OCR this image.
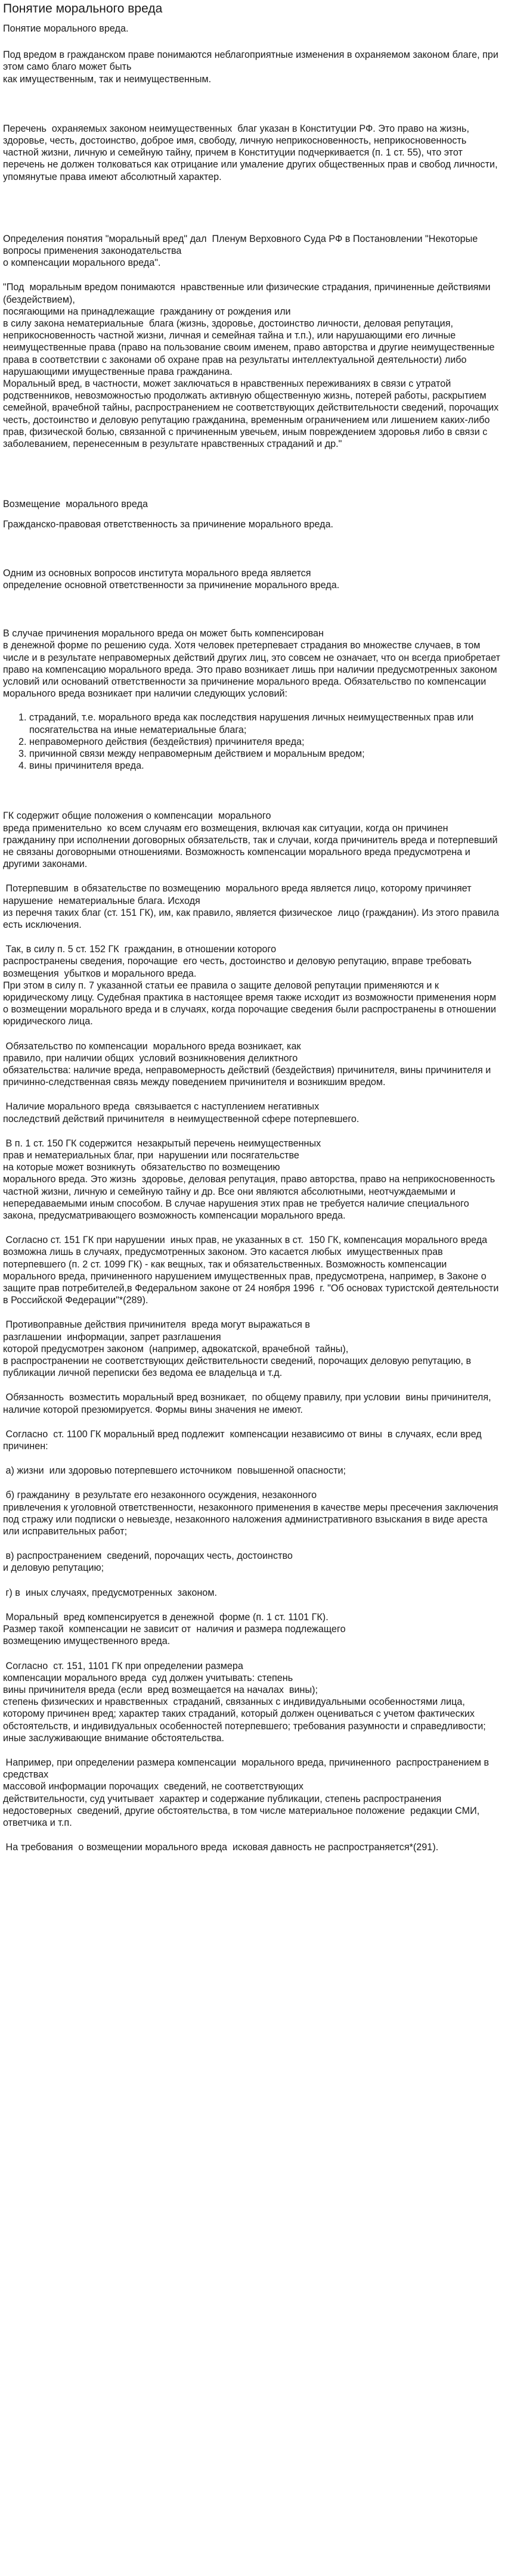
Понятие морального вреда

Понятие морального вреда.

Под вредом в гражданском праве понимаются неблагоприятные изменения в охраняемом законом благе, при этом само благо может быть
как имущественным, так и неимущественным.

Перечень  охраняемых законом неимущественных  благ указан в Конституции РФ. Это право на жизнь, здоровье, честь, достоинство, доброе имя, свободу, личную неприкосновенность, неприкосновенность частной жизни, личную и семейную тайну, причем в Конституции подчеркивается (п. 1 ст. 55), что этот перечень не должен толковаться как отрицание или умаление других общественных прав и свобод личности, упомянутые права имеют абсолютный характер.

Определения понятия "моральный вред" дал  Пленум Верховного Суда РФ в Постановлении "Некоторые вопросы применения законодательства
о компенсации морального вреда".

"Под  моральным вредом понимаются  нравственные или физические страдания, причиненные действиями (бездействием),
посягающими на принадлежащие  гражданину от рождения или
в силу закона нематериальные  блага (жизнь, здоровье, достоинство личности, деловая репутация, неприкосновенность частной жизни, личная и семейная тайна и т.п.), или нарушающими его личные неимущественные права (право на пользование своим именем, право авторства и другие неимущественные права в соответствии с законами об охране прав на результаты интеллектуальной деятельности) либо нарушающими имущественные права гражданина.
Моральный вред, в частности, может заключаться в нравственных переживаниях в связи с утратой родственников, невозможностью продолжать активную общественную жизнь, потерей работы, раскрытием семейной, врачебной тайны, распространением не соответствующих действительности сведений, порочащих честь, достоинство и деловую репутацию гражданина, временным ограничением или лишением каких-либо прав, физической болью, связанной с причиненным увечьем, иным повреждением здоровья либо в связи с заболеванием, перенесенным в результате нравственных страданий и др."

Возмещение  морального вреда

Гражданско-правовая ответственность за причинение морального вреда.

Одним из основных вопросов института морального вреда является
определение основной ответственности за причинение морального вреда.

В случае причинения морального вреда он может быть компенсирован
в денежной форме по решению суда. Хотя человек претерпевает страдания во множестве случаев, в том числе и в результате неправомерных действий других лиц, это совсем не означает, что он всегда приобретает право на компенсацию морального вреда. Это право возникает лишь при наличии предусмотренных законом условий или оснований ответственности за причинение морального вреда. Обязательство по компенсации морального вреда возникает при наличии следующих условий:

1. страданий, т.е. морального вреда как последствия нарушения личных неимущественных прав или посягательства на иные нематериальные блага;
2. неправомерного действия (бездействия) причинителя вреда;
3. причинной связи между неправомерным действием и моральным вредом;
4. вины причинителя вреда.

ГК содержит общие положения о компенсации  морального
вреда применительно  ко всем случаям его возмещения, включая как ситуации, когда он причинен гражданину при исполнении договорных обязательств, так и случаи, когда причинитель вреда и потерпевший не связаны договорными отношениями. Возможность компенсации морального вреда предусмотрена и другими законами.

Потерпевшим  в обязательстве по возмещению  морального вреда является лицо, которому причиняет нарушение  нематериальные блага. Исходя
из перечня таких благ (ст. 151 ГК), им, как правило, является физическое  лицо (гражданин). Из этого правила есть исключения.

Так, в силу п. 5 ст. 152 ГК  гражданин, в отношении которого
распространены сведения, порочащие  его честь, достоинство и деловую репутацию, вправе требовать возмещения  убытков и морального вреда.
При этом в силу п. 7 указанной статьи ее правила о защите деловой репутации применяются и к юридическому лицу. Судебная практика в настоящее время также исходит из возможности применения норм о возмещении морального вреда и в случаях, когда порочащие сведения были распространены в отношении юридического лица.

Обязательство по компенсации  морального вреда возникает, как
правило, при наличии общих  условий возникновения деликтного
обязательства: наличие вреда, неправомерность действий (бездействия) причинителя, вины причинителя и причинно-следственная связь между поведением причинителя и возникшим вредом.

Наличие морального вреда  связывается с наступлением негативных
последствий действий причинителя  в неимущественной сфере потерпевшего.

В п. 1 ст. 150 ГК содержится  незакрытый перечень неимущественных
прав и нематериальных благ, при  нарушении или посягательстве
на которые может возникнуть  обязательство по возмещению
морального вреда. Это жизнь  здоровье, деловая репутация, право авторства, право на неприкосновенность частной жизни, личную и семейную тайну и др. Все они являются абсолютными, неотчуждаемыми и непередаваемыми иным способом. В случае нарушения этих прав не требуется наличие специального закона, предусматривающего возможность компенсации морального вреда.

Согласно ст. 151 ГК при нарушении  иных прав, не указанных в ст.  150 ГК, компенсация морального вреда  возможна лишь в случаях, предусмотренных законом. Это касается любых  имущественных прав потерпевшего (п. 2 ст. 1099 ГК) - как вещных, так и обязательственных. Возможность компенсации морального вреда, причиненного нарушением имущественных прав, предусмотрена, например, в Законе о защите прав потребителей,в Федеральном законе от 24 ноября 1996  г. "Об основах туристской деятельности в Российской Федерации"*(289).

Противоправные действия причинителя  вреда могут выражаться в
разглашении  информации, запрет разглашения
которой предусмотрен законом  (например, адвокатской, врачебной  тайны),
в распространении не соответствующих действительности сведений, порочащих деловую репутацию, в публикации личной переписки без ведома ее владельца и т.д.

Обязанность  возместить моральный вред возникает,  по общему правилу, при условии  вины причинителя, наличие которой презюмируется. Формы вины значения не имеют.

Согласно  ст. 1100 ГК моральный вред подлежит  компенсации независимо от вины  в случаях, если вред причинен:

а) жизни  или здоровью потерпевшего источником  повышенной опасности;

б) гражданину  в результате его незаконного осуждения, незаконного
привлечения к уголовной ответственности, незаконного применения в качестве меры пресечения заключения под стражу или подписки о невыезде, незаконного наложения административного взыскания в виде ареста или исправительных работ;

в) распространением  сведений, порочащих честь, достоинство
и деловую репутацию;

г) в  иных случаях, предусмотренных  законом.

Моральный  вред компенсируется в денежной  форме (п. 1 ст. 1101 ГК).
Размер такой  компенсации не зависит от  наличия и размера подлежащего
возмещению имущественного вреда.

Согласно  ст. 151, 1101 ГК при определении размера
компенсации морального вреда  суд должен учитывать: степень
вины причинителя вреда (если  вред возмещается на началах  вины);
степень физических и нравственных  страданий, связанных с индивидуальными особенностями лица, которому причинен вред; характер таких страданий, который должен оцениваться с учетом фактических обстоятельств, и индивидуальных особенностей потерпевшего; требования разумности и справедливости; иные заслуживающие внимание обстоятельства.

Например, при определении размера компенсации  морального вреда, причиненного  распространением в средствах
массовой информации порочащих  сведений, не соответствующих
действительности, суд учитывает  характер и содержание публикации, степень распространения недостоверных  сведений, другие обстоятельства, в том числе материальное положение  редакции СМИ, ответчика и т.п.

На требования  о возмещении морального вреда  исковая давность не распространяется*(291).
